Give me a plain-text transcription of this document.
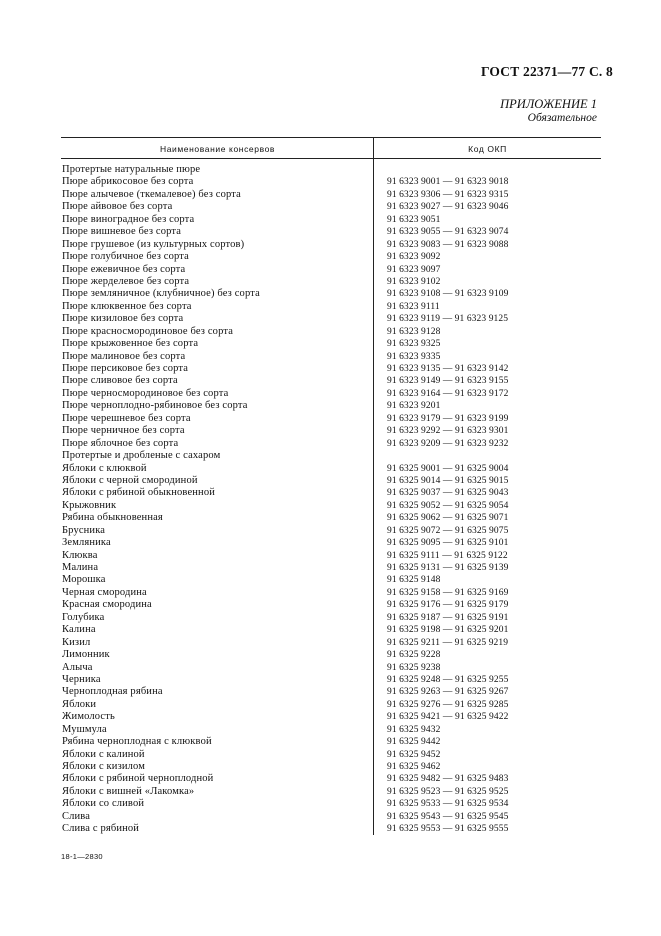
ГОСТ 22371—77 С. 8
ПРИЛОЖЕНИЕ 1
Обязательное
Наименование консервов	Код ОКП
Протертые натуральные пюре
Пюре абрикосовое без сорта	91 6323 9001 — 91 6323 9018
Пюре алычевое (ткемалевое) без сорта	91 6323 9306 — 91 6323 9315
Пюре айвовое без сорта	91 6323 9027 — 91 6323 9046
Пюре виноградное без сорта	91 6323 9051
Пюре вишневое без сорта	91 6323 9055 — 91 6323 9074
Пюре грушевое (из культурных сортов)	91 6323 9083 — 91 6323 9088
Пюре голубичное без сорта	91 6323 9092
Пюре ежевичное без сорта	91 6323 9097
Пюре жерделевое без сорта	91 6323 9102
Пюре земляничное (клубничное) без сорта	91 6323 9108 — 91 6323 9109
Пюре клюквенное без сорта	91 6323 9111
Пюре кизиловое без сорта	91 6323 9119 — 91 6323 9125
Пюре красносмородиновое без сорта	91 6323 9128
Пюре крыжовенное без сорта	91 6323 9325
Пюре малиновое без сорта	91 6323 9335
Пюре персиковое без сорта	91 6323 9135 — 91 6323 9142
Пюре сливовое без сорта	91 6323 9149 — 91 6323 9155
Пюре черносмородиновое без сорта	91 6323 9164 — 91 6323 9172
Пюре черноплодно-рябиновое без сорта	91 6323 9201
Пюре черешневое без сорта	91 6323 9179 — 91 6323 9199
Пюре черничное без сорта	91 6323 9292 — 91 6323 9301
Пюре яблочное без сорта	91 6323 9209 — 91 6323 9232
Протертые и дробленые с сахаром
Яблоки с клюквой	91 6325 9001 — 91 6325 9004
Яблоки с черной смородиной	91 6325 9014 — 91 6325 9015
Яблоки с рябиной обыкновенной	91 6325 9037 — 91 6325 9043
Крыжовник	91 6325 9052 — 91 6325 9054
Рябина обыкновенная	91 6325 9062 — 91 6325 9071
Брусника	91 6325 9072 — 91 6325 9075
Земляника	91 6325 9095 — 91 6325 9101
Клюква	91 6325 9111 — 91 6325 9122
Малина	91 6325 9131 — 91 6325 9139
Морошка	91 6325 9148
Черная смородина	91 6325 9158 — 91 6325 9169
Красная смородина	91 6325 9176 — 91 6325 9179
Голубика	91 6325 9187 — 91 6325 9191
Калина	91 6325 9198 — 91 6325 9201
Кизил	91 6325 9211 — 91 6325 9219
Лимонник	91 6325 9228
Алыча	91 6325 9238
Черника	91 6325 9248 — 91 6325 9255
Черноплодная рябина	91 6325 9263 — 91 6325 9267
Яблоки	91 6325 9276 — 91 6325 9285
Жимолость	91 6325 9421 — 91 6325 9422
Мушмула	91 6325 9432
Рябина черноплодная с клюквой	91 6325 9442
Яблоки с калиной	91 6325 9452
Яблоки с кизилом	91 6325 9462
Яблоки с рябиной черноплодной	91 6325 9482 — 91 6325 9483
Яблоки с вишней «Лакомка»	91 6325 9523 — 91 6325 9525
Яблоки со сливой	91 6325 9533 — 91 6325 9534
Слива	91 6325 9543 — 91 6325 9545
Слива с рябиной	91 6325 9553 — 91 6325 9555
18-1—2830
